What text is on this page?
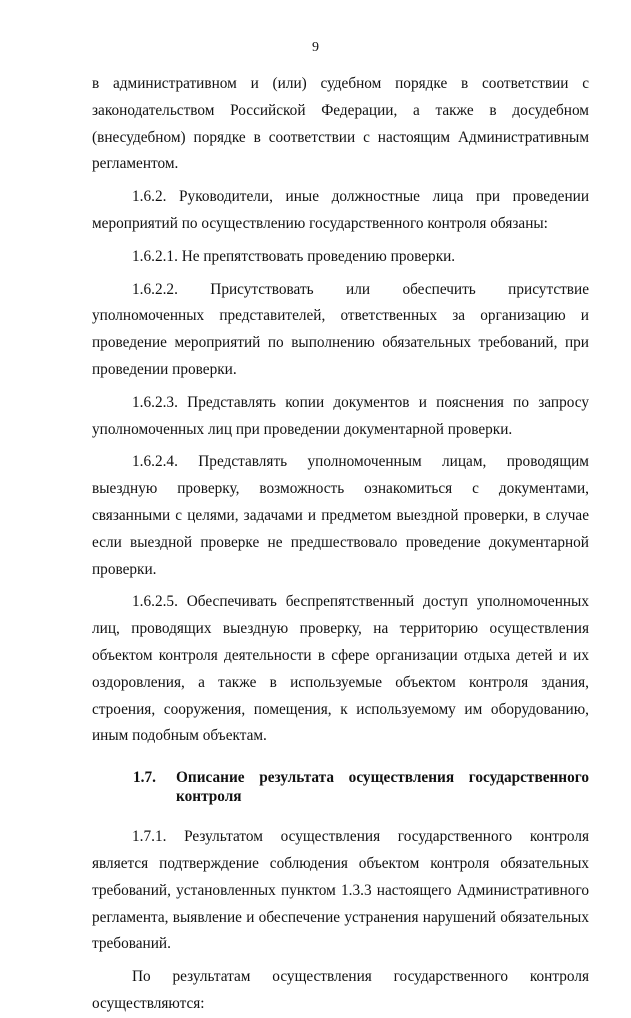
9

в административном и (или) судебном порядке в соответствии с законодательством Российской Федерации, а также в досудебном (внесудебном) порядке в соответствии с настоящим Административным регламентом.

1.6.2. Руководители, иные должностные лица при проведении мероприятий по осуществлению государственного контроля обязаны:

1.6.2.1. Не препятствовать проведению проверки.

1.6.2.2. Присутствовать или обеспечить присутствие уполномоченных представителей, ответственных за организацию и проведение мероприятий по выполнению обязательных требований, при проведении проверки.

1.6.2.3. Представлять копии документов и пояснения по запросу уполномоченных лиц при проведении документарной проверки.

1.6.2.4. Представлять уполномоченным лицам, проводящим выездную проверку, возможность ознакомиться с документами, связанными с целями, задачами и предметом выездной проверки, в случае если выездной проверке не предшествовало проведение документарной проверки.

1.6.2.5. Обеспечивать беспрепятственный доступ уполномоченных лиц, проводящих выездную проверку, на территорию осуществления объектом контроля деятельности в сфере организации отдыха детей и их оздоровления, а также в используемые объектом контроля здания, строения, сооружения, помещения, к используемому им оборудованию, иным подобным объектам.

1.7.	Описание результата осуществления государственного контроля

1.7.1. Результатом осуществления государственного контроля является подтверждение соблюдения объектом контроля обязательных требований, установленных пунктом 1.3.3 настоящего Административного регламента, выявление и обеспечение устранения нарушений обязательных требований.

По результатам осуществления государственного контроля осуществляются:
